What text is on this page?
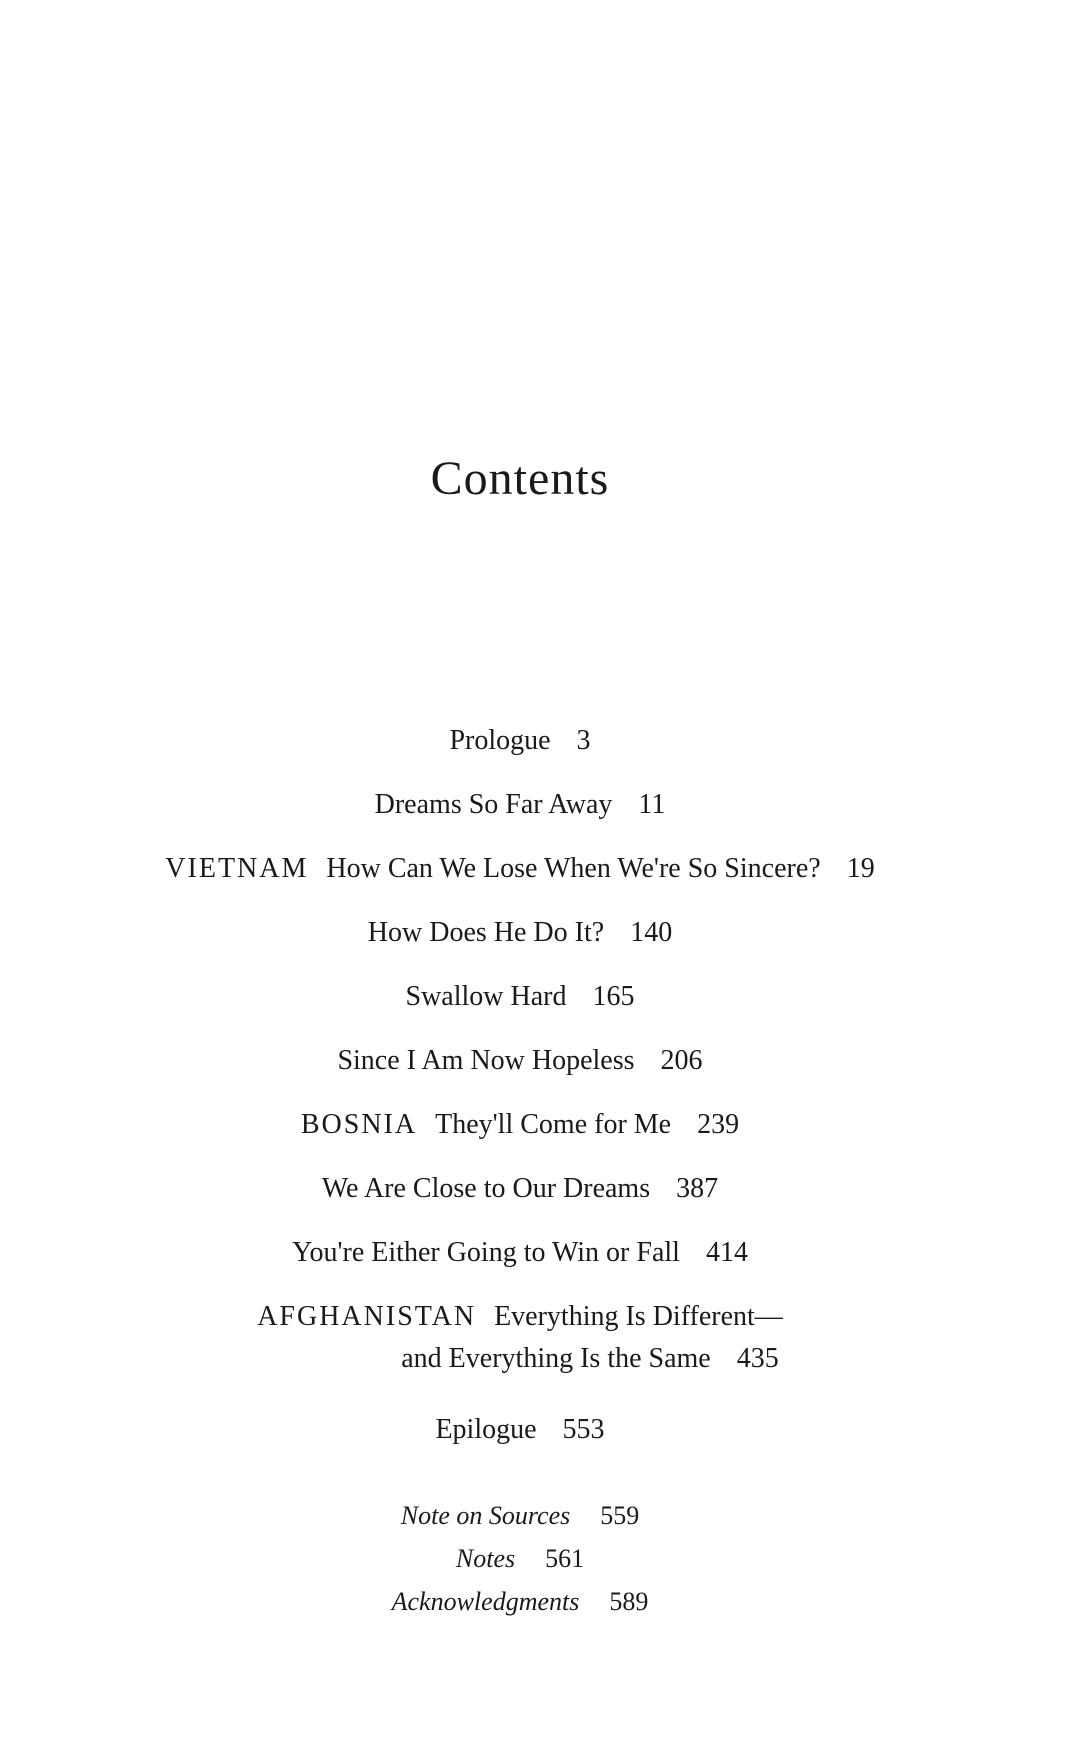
Contents
Prologue 3
Dreams So Far Away 11
VIETNAM How Can We Lose When We're So Sincere? 19
How Does He Do It? 140
Swallow Hard 165
Since I Am Now Hopeless 206
BOSNIA They'll Come for Me 239
We Are Close to Our Dreams 387
You're Either Going to Win or Fall 414
AFGHANISTAN Everything Is Different—
and Everything Is the Same 435
Epilogue 553
Note on Sources 559
Notes 561
Acknowledgments 589
